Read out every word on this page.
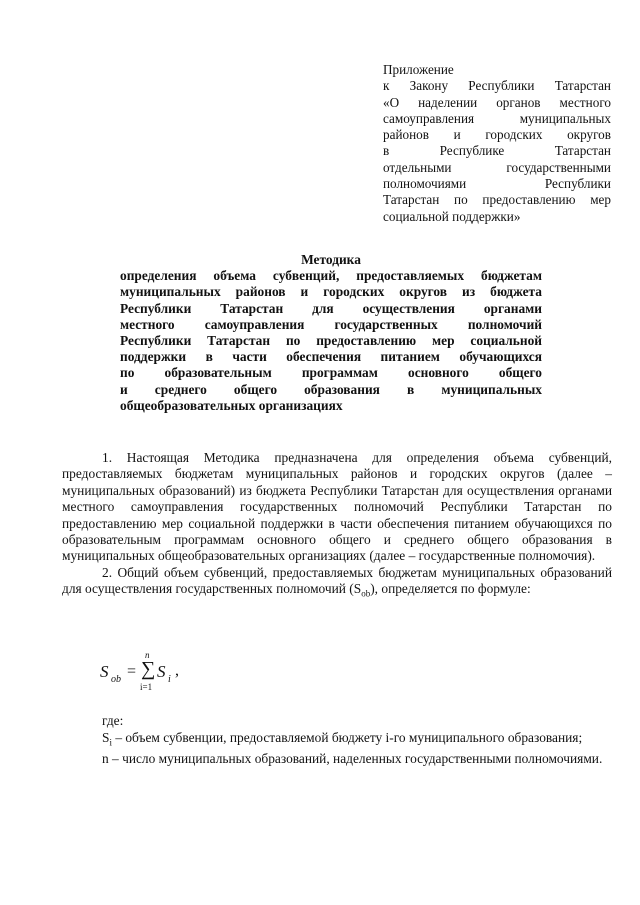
Приложение
к Закону Республики Татарстан
«О наделении органов местного
самоуправления муниципальных
районов и городских округов
в Республике Татарстан
отдельными государственными
полномочиями Республики
Татарстан по предоставлению мер
социальной поддержки»
Методика
определения объема субвенций, предоставляемых бюджетам
муниципальных районов и городских округов из бюджета
Республики Татарстан для осуществления органами
местного самоуправления государственных полномочий
Республики Татарстан по предоставлению мер социальной
поддержки в части обеспечения питанием обучающихся
по образовательным программам основного общего
и среднего общего образования в муниципальных
общеобразовательных организациях
1. Настоящая Методика предназначена для определения объема субвенций, предоставляемых бюджетам муниципальных районов и городских округов (далее – муниципальных образований) из бюджета Республики Татарстан для осуществления органами местного самоуправления государственных полномочий Республики Татарстан по предоставлению мер социальной поддержки в части обеспечения питанием обучающихся по образовательным программам основного общего и среднего общего образования в муниципальных общеобразовательных организациях (далее – государственные полномочия).
2. Общий объем субвенций, предоставляемых бюджетам муниципальных образований для осуществления государственных полномочий $(S_{ob})$, определяется по формуле:
S ob =
n
∑
i=1
S i
,
где:
$S_i$ – объем субвенции, предоставляемой бюджету i-го муниципального образования;
n – число муниципальных образований, наделенных государственными полномочиями.
